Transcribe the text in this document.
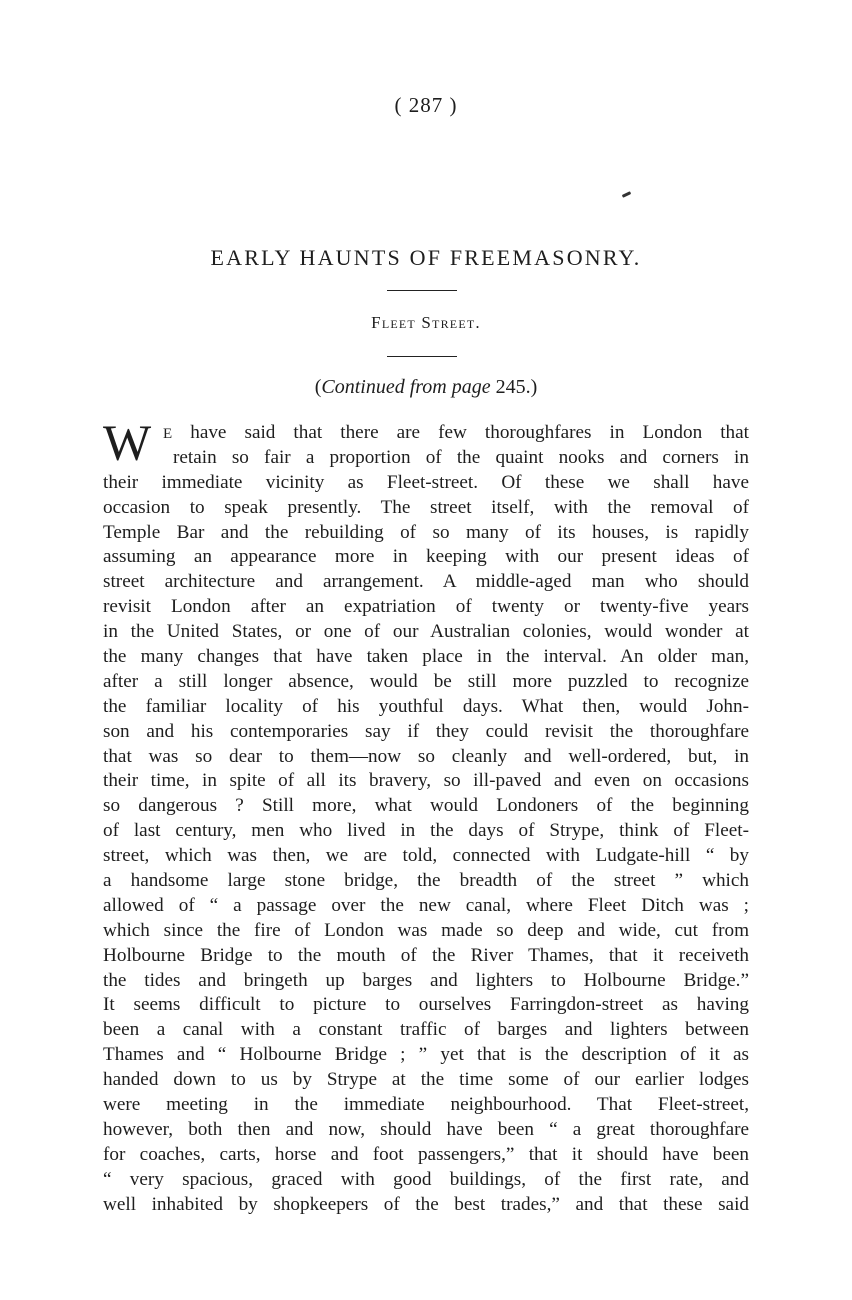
( 287 )
EARLY HAUNTS OF FREEMASONRY.
Fleet Street.
(Continued from page 245.)
W E have said that there are few thoroughfares in London that
retain so fair a proportion of the quaint nooks and corners in
their immediate vicinity as Fleet-street. Of these we shall have
occasion to speak presently. The street itself, with the removal of
Temple Bar and the rebuilding of so many of its houses, is rapidly
assuming an appearance more in keeping with our present ideas of
street architecture and arrangement. A middle-aged man who should
revisit London after an expatriation of twenty or twenty-five years
in the United States, or one of our Australian colonies, would wonder at
the many changes that have taken place in the interval. An older man,
after a still longer absence, would be still more puzzled to recognize
the familiar locality of his youthful days. What then, would John-
son and his contemporaries say if they could revisit the thoroughfare
that was so dear to them—now so cleanly and well-ordered, but, in
their time, in spite of all its bravery, so ill-paved and even on occasions
so dangerous ? Still more, what would Londoners of the beginning
of last century, men who lived in the days of Strype, think of Fleet-
street, which was then, we are told, connected with Ludgate-hill “ by
a handsome large stone bridge, the breadth of the street ” which
allowed of “ a passage over the new canal, where Fleet Ditch was ;
which since the fire of London was made so deep and wide, cut from
Holbourne Bridge to the mouth of the River Thames, that it receiveth
the tides and bringeth up barges and lighters to Holbourne Bridge.”
It seems difficult to picture to ourselves Farringdon-street as having
been a canal with a constant traffic of barges and lighters between
Thames and “ Holbourne Bridge ; ” yet that is the description of it as
handed down to us by Strype at the time some of our earlier lodges
were meeting in the immediate neighbourhood. That Fleet-street,
however, both then and now, should have been “ a great thoroughfare
for coaches, carts, horse and foot passengers,” that it should have been
“ very spacious, graced with good buildings, of the first rate, and
well inhabited by shopkeepers of the best trades,” and that these said
